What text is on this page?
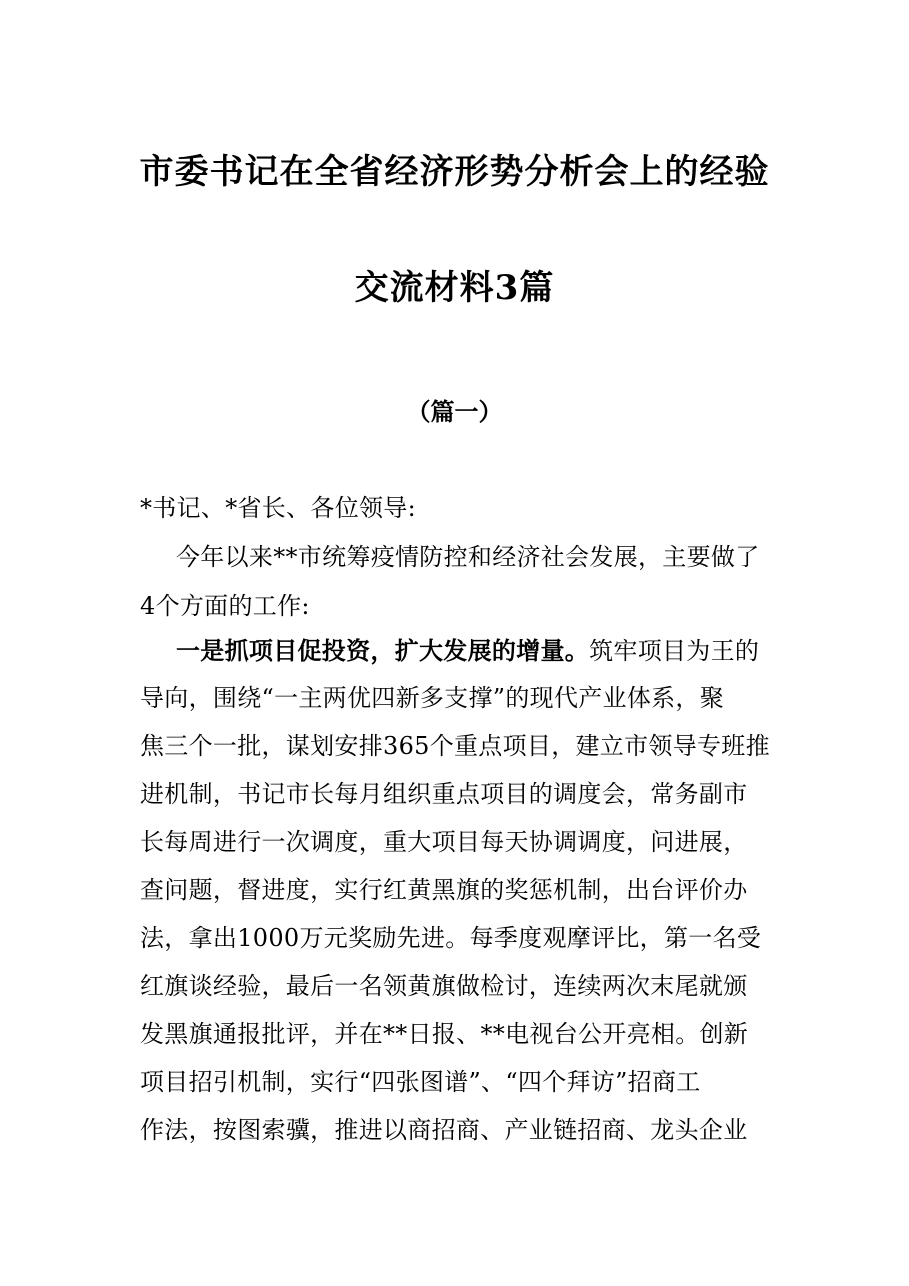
市委书记在全省经济形势分析会上的经验
交流材料3篇
（篇一）
*书记、*省长、各位领导:
今年以来**市统筹疫情防控和经济社会发展，主要做了
4个方面的工作:
一是抓项目促投资，扩大发展的增量。筑牢项目为王的
导向，围绕“一主两优四新多支撑”的现代产业体系，聚
焦三个一批，谋划安排365个重点项目，建立市领导专班推
进机制，书记市长每月组织重点项目的调度会，常务副市
长每周进行一次调度，重大项目每天协调调度，问进展，
查问题，督进度，实行红黄黑旗的奖惩机制，出台评价办
法，拿出1000万元奖励先进。每季度观摩评比，第一名受
红旗谈经验，最后一名领黄旗做检讨，连续两次末尾就颁
发黑旗通报批评，并在**日报、**电视台公开亮相。创新
项目招引机制，实行“四张图谱”、“四个拜访”招商工
作法，按图索骥，推进以商招商、产业链招商、龙头企业
